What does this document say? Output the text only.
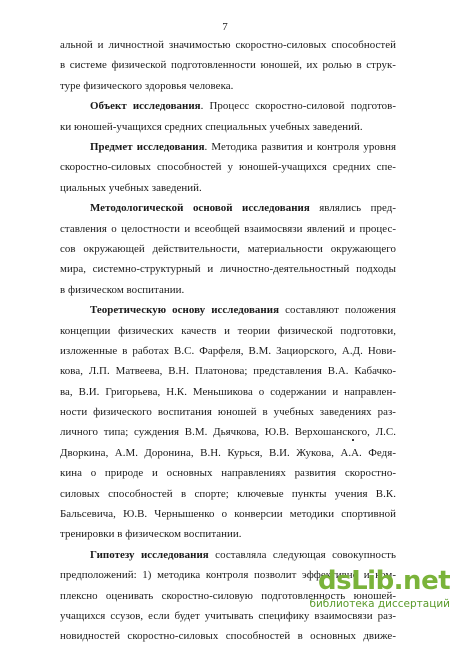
7
альной и личностной значимостью скоростно-силовых способностей
в системе физической подготовленности юношей, их ролью в струк-
туре физического здоровья человека.
Объект исследования. Процесс скоростно-силовой подготов-
ки юношей-учащихся средних специальных учебных заведений.
Предмет исследования. Методика развития и контроля уровня
скоростно-силовых способностей у юношей-учащихся средних спе-
циальных учебных заведений.
Методологической основой исследования являлись пред-
ставления о целостности и всеобщей взаимосвязи явлений и процес-
сов окружающей действительности, материальности окружающего
мира, системно-структурный и личностно-деятельностный подходы
в физическом воспитании.
Теоретическую основу исследования составляют положения
концепции физических качеств и теории физической подготовки,
изложенные в работах В.С. Фарфеля, В.М. Зациорского, А.Д. Нови-
кова, Л.П. Матвеева, В.Н. Платонова; представления В.А. Кабачко-
ва, В.И. Григорьева, Н.К. Меньшикова о содержании и направлен-
ности физического воспитания юношей в учебных заведениях раз-
личного типа; суждения В.М. Дьячкова, Ю.В. Верхошанского, Л.С.
Дворкина, А.М. Доронина, В.Н. Курься, В.И. Жукова, А.А. Федя-
кина о природе и основных направлениях развития скоростно-
силовых способностей в спорте; ключевые пункты учения В.К.
Бальсевича, Ю.В. Чернышенко о конверсии методики спортивной
тренировки в физическом воспитании.
Гипотезу исследования составляла следующая совокупность
предположений: 1) методика контроля позволит эффективно и ком-
плексно оценивать скоростно-силовую подготовленность юношей-
учащихся ссузов, если будет учитывать специфику взаимосвязи раз-
новидностей скоростно-силовых способностей в основных движе-
dsLib.net
библиотека диссертаций
